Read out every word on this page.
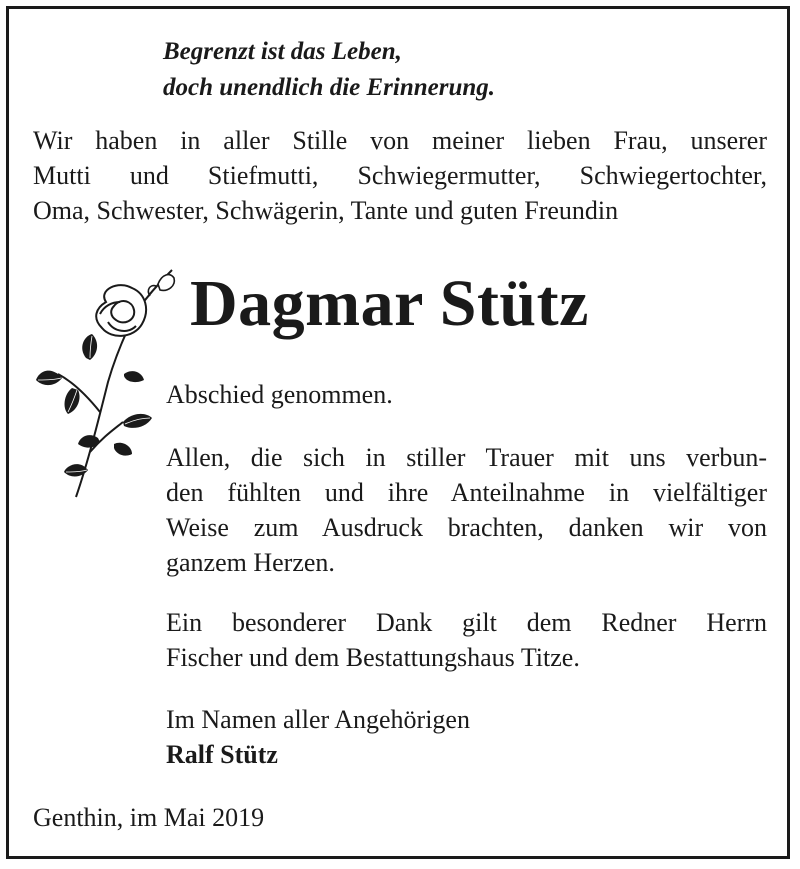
Begrenzt ist das Leben,
doch unendlich die Erinnerung.
Wir haben in aller Stille von meiner lieben Frau, unserer
Mutti und Stiefmutti, Schwiegermutter, Schwiegertochter,
Oma, Schwester, Schwägerin, Tante und guten Freundin
Dagmar Stütz
Abschied genommen.
Allen, die sich in stiller Trauer mit uns verbun-
den fühlten und ihre Anteilnahme in vielfältiger
Weise zum Ausdruck brachten, danken wir von
ganzem Herzen.
Ein besonderer Dank gilt dem Redner Herrn
Fischer und dem Bestattungshaus Titze.
Im Namen aller Angehörigen
Ralf Stütz
Genthin, im Mai 2019
